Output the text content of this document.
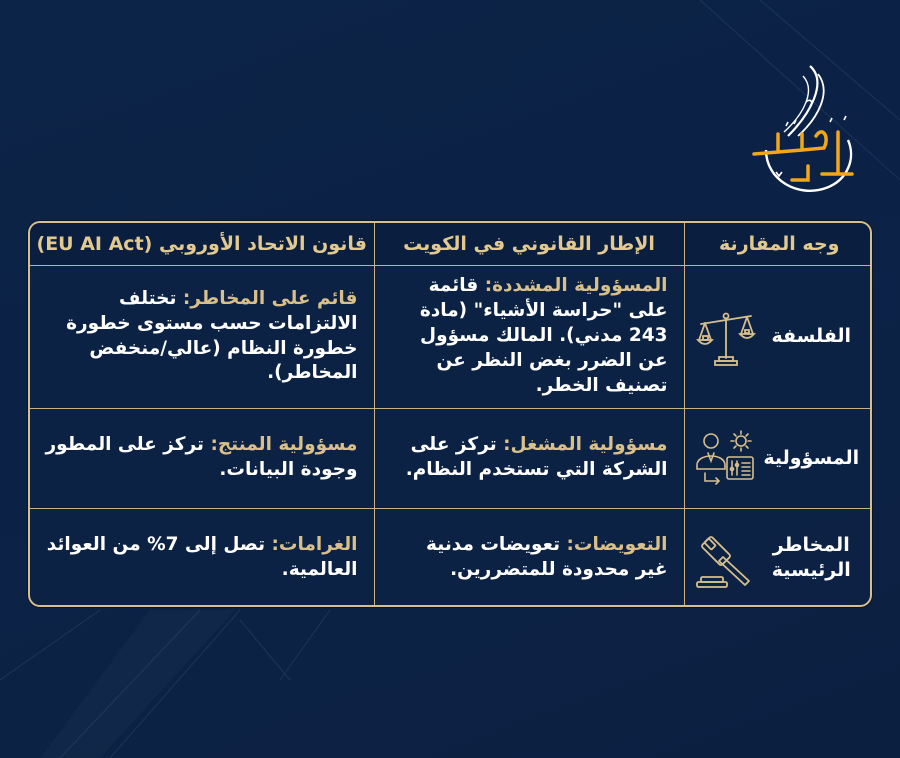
وجه المقارنة	الإطار القانوني في الكويت	قانون الاتحاد الأوروبي (EU AI Act)

الفلسفة	المسؤولية المشددة: قائمة على "حراسة الأشياء" (مادة 243 مدني). المالك مسؤول عن الضرر بغض النظر عن تصنيف الخطر.	قائم على المخاطر: تختلف الالتزامات حسب مستوى خطورة خطورة النظام (عالي/منخفض المخاطر).

المسؤولية	مسؤولية المشغل: تركز على الشركة التي تستخدم النظام.	مسؤولية المنتج: تركز على المطور وجودة البيانات.

المخاطر الرئيسية	التعويضات: تعويضات مدنية غير محدودة للمتضررين.	الغرامات: تصل إلى 7% من العوائد العالمية.
